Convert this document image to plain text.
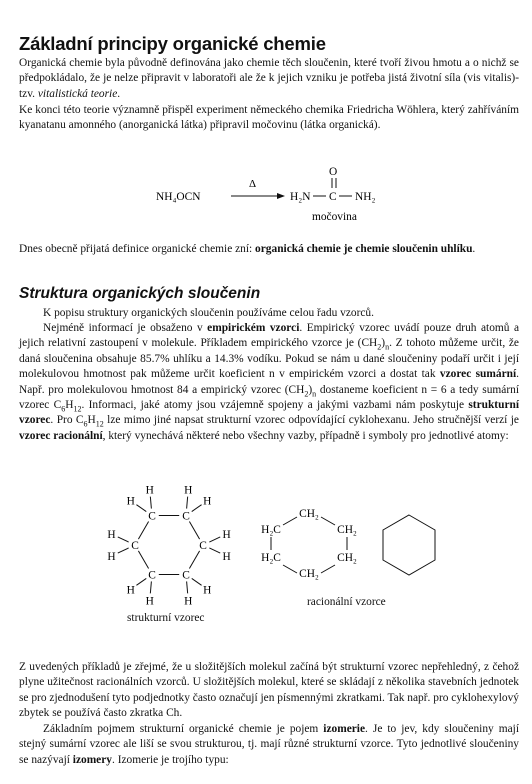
Základní principy organické chemie
Organická chemie byla původně definována jako chemie těch sloučenin, které tvoří živou hmotu a o nichž se předpokládalo, že je nelze připravit v laboratoři ale že k jejich vzniku je potřeba jistá životní síla (vis vitalis)-tzv. vitalistická teorie.
Ke konci této teorie významně přispěl experiment německého chemika Friedricha Wöhlera, který zahříváním kyanatanu amonného (anorganická látka) připravil močovinu (látka organická).
NH₄OCN
Δ
H₂N C NH₂
O
močovina
Dnes obecně přijatá definice organické chemie zní: organická chemie je chemie sloučenin uhlíku.
Struktura organických sloučenin
K popisu struktury organických sloučenin používáme celou řadu vzorců.
Nejméně informací je obsaženo v empirickém vzorci. Empirický vzorec uvádí pouze druh atomů a jejich relativní zastoupení v molekule. Příkladem empirického vzorce je $(CH_2)_n$. Z tohoto můžeme určit, že daná sloučenina obsahuje 85.7% uhlíku a 14.3% vodíku. Pokud se nám u dané sloučeniny podaří určit i její molekulovou hmotnost pak můžeme určit koeficient n v empirickém vzorci a dostat tak vzorec sumární. Např. pro molekulovou hmotnost 84 a empirický vzorec $(CH_2)_n$ dostaneme koeficient n = 6 a tedy sumární vzorec $C_6H_{12}$. Informaci, jaké atomy jsou vzájemně spojeny a jakými vazbami nám poskytuje strukturní vzorec. Pro $C_6H_{12}$ lze mimo jiné napsat strukturní vzorec odpovídající cyklohexanu. Jeho stručnější verzí je vzorec racionální, který vynechává některé nebo všechny vazby, případně i symboly pro jednotlivé atomy:
C
H
H
C
H
H
C
H
H
C
H
H
C
H
H
C
H
H
strukturní vzorec
CH₂
CH₂
CH₂
CH₂
H₂C
H₂C
racionální vzorce
Z uvedených příkladů je zřejmé, že u složitějších molekul začíná být strukturní vzorec nepřehledný, z čehož plyne užitečnost racionálních vzorců. U složitějších molekul, které se skládají z několika stavebních jednotek se pro zjednodušení tyto podjednotky často označují jen písmennými zkratkami. Tak např. pro cyklohexylový zbytek se používá často zkratka Ch.
Základním pojmem strukturní organické chemie je pojem izomerie. Je to jev, kdy sloučeniny mají stejný sumární vzorec ale liší se svou strukturou, tj. mají různé strukturní vzorce. Tyto jednotlivé sloučeniny se nazývají izomery. Izomerie je trojího typu:
